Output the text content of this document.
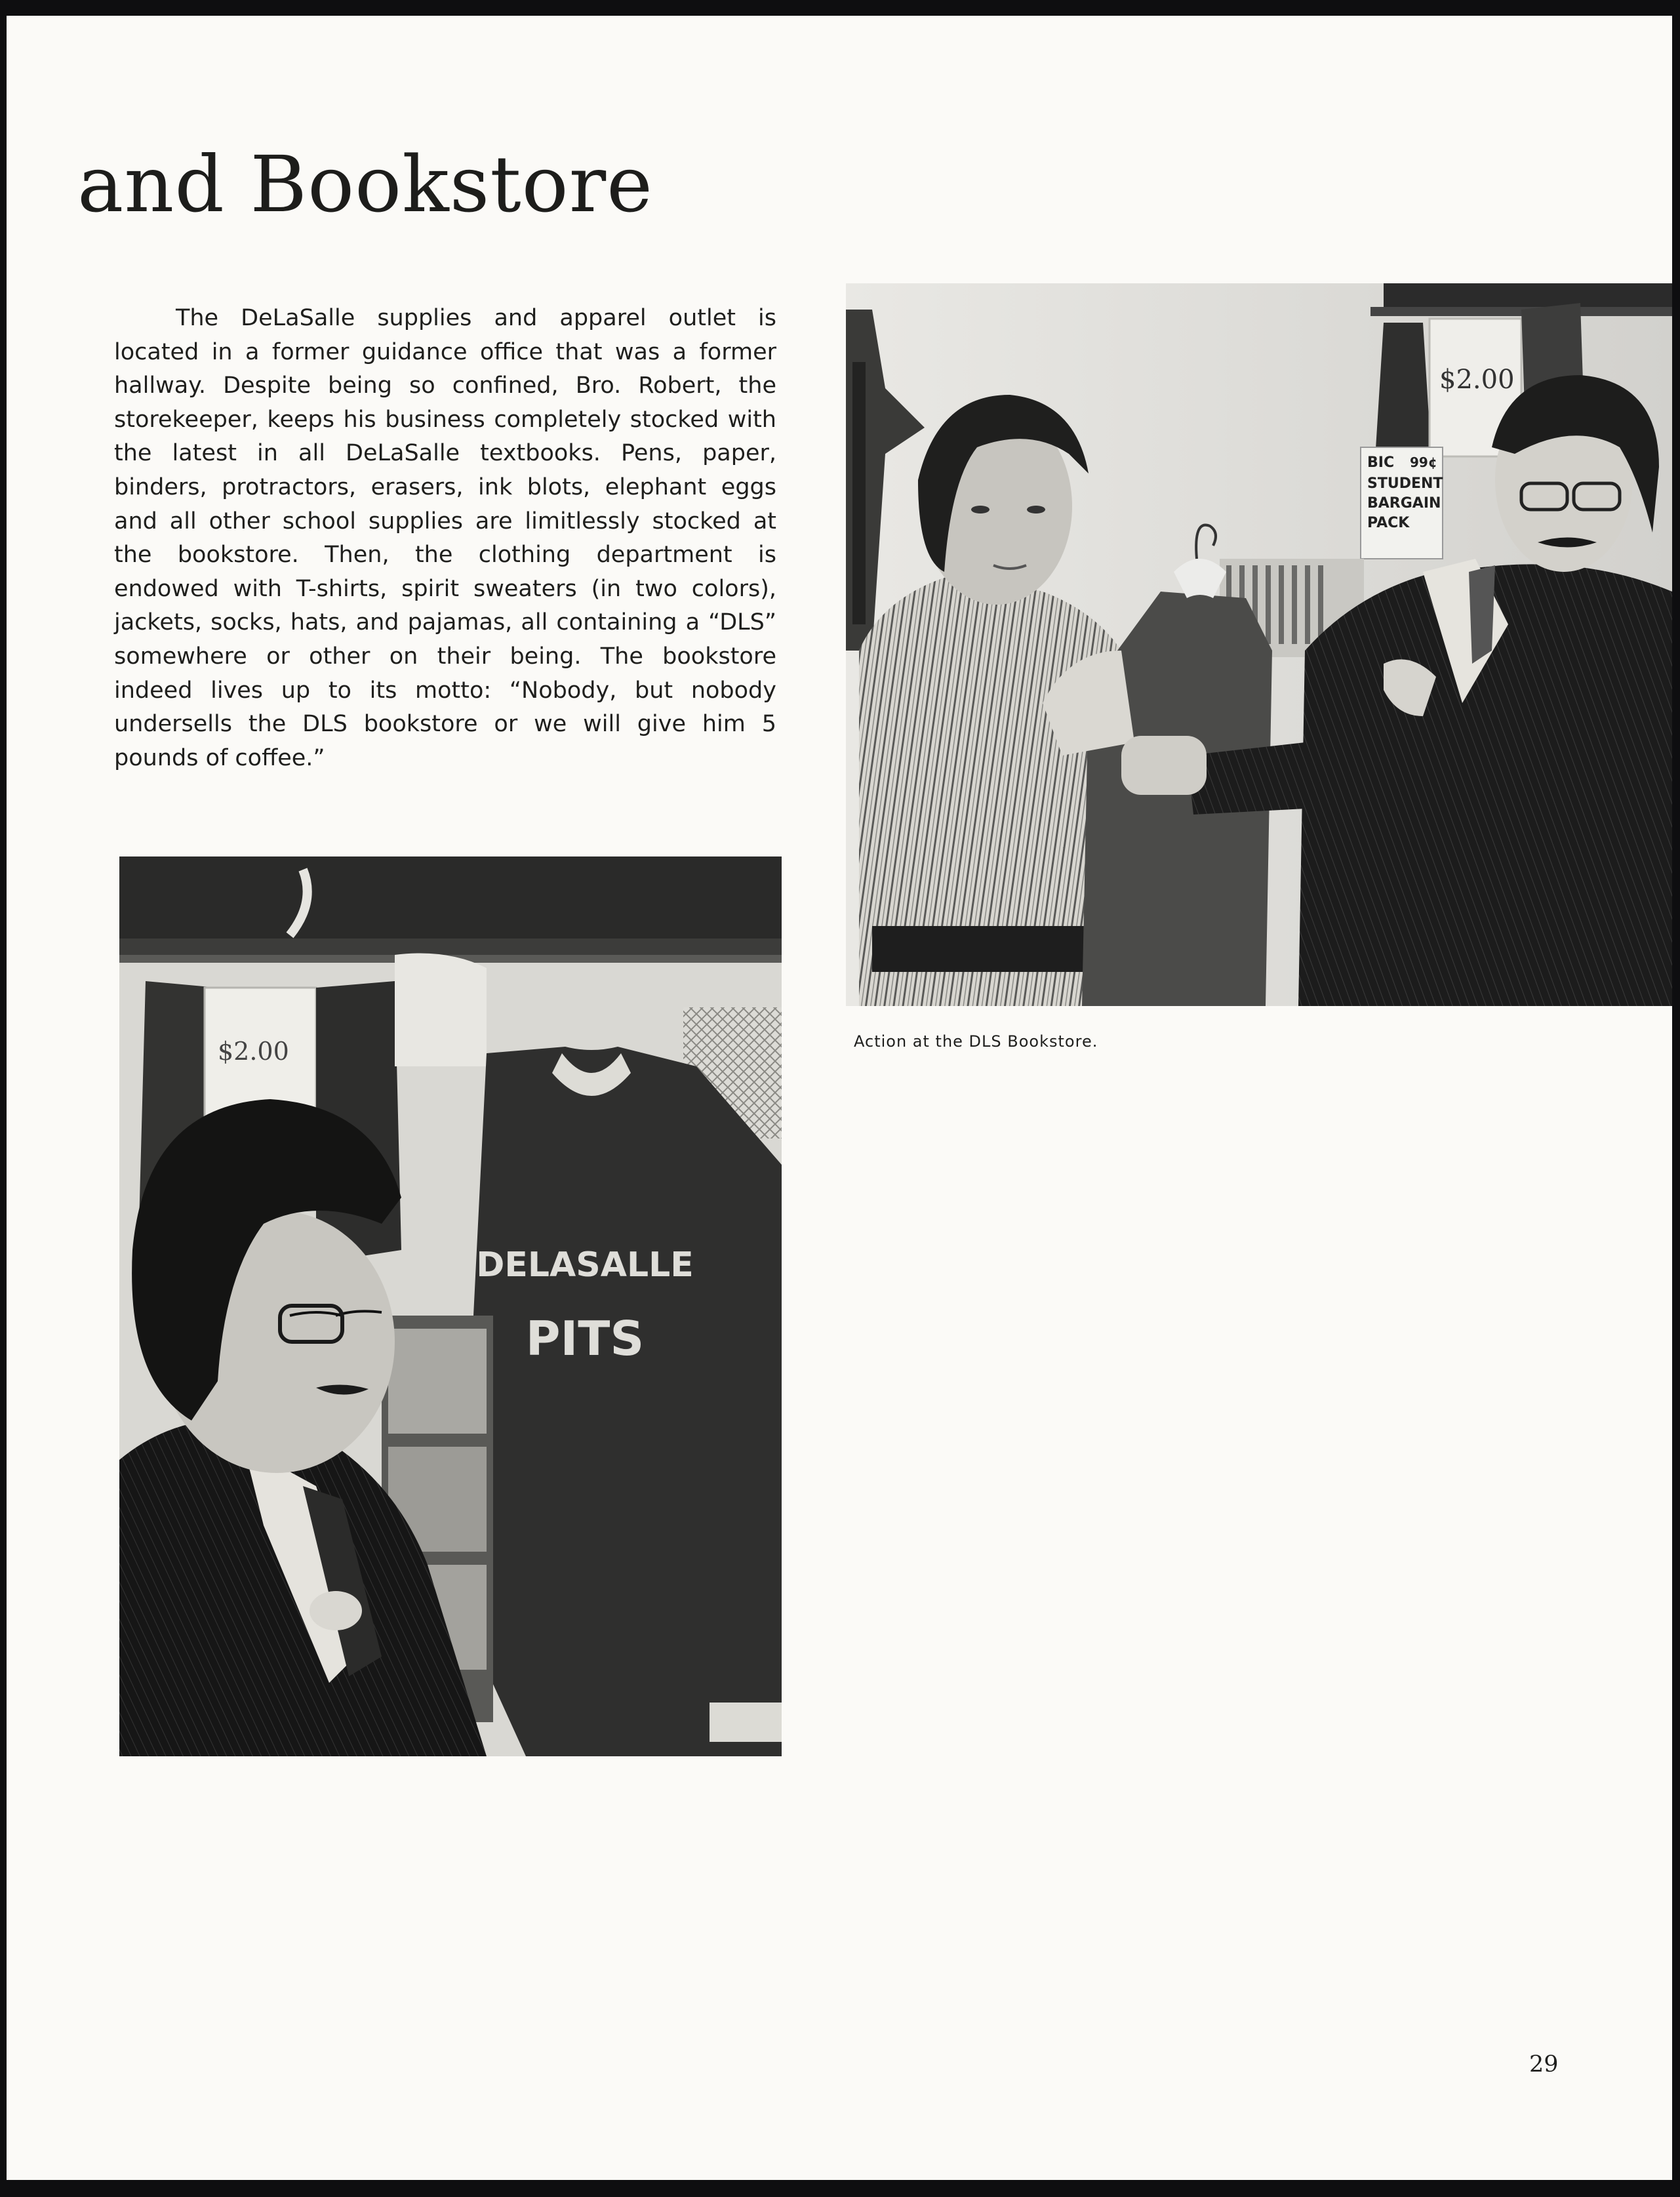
and Bookstore

The DeLaSalle supplies and apparel outlet is located in a former guidance office that was a former hallway. Despite being so confined, Bro. Robert, the storekeeper, keeps his business completely stocked with the latest in all DeLaSalle textbooks. Pens, paper, binders, protractors, erasers, ink blots, elephant eggs and all other school supplies are limitlessly stocked at the bookstore. Then, the clothing department is endowed with T-shirts, spirit sweaters (in two colors), jackets, socks, hats, and pajamas, all containing a “DLS” somewhere or other on their being. The bookstore indeed lives up to its motto: “Nobody, but nobody undersells the DLS bookstore or we will give him 5 pounds of coffee.”

$2.00
BIC 99¢
STUDENT
BARGAIN
PACK

Action at the DLS Bookstore.

$2.00
DELASALLE
PITS

29
